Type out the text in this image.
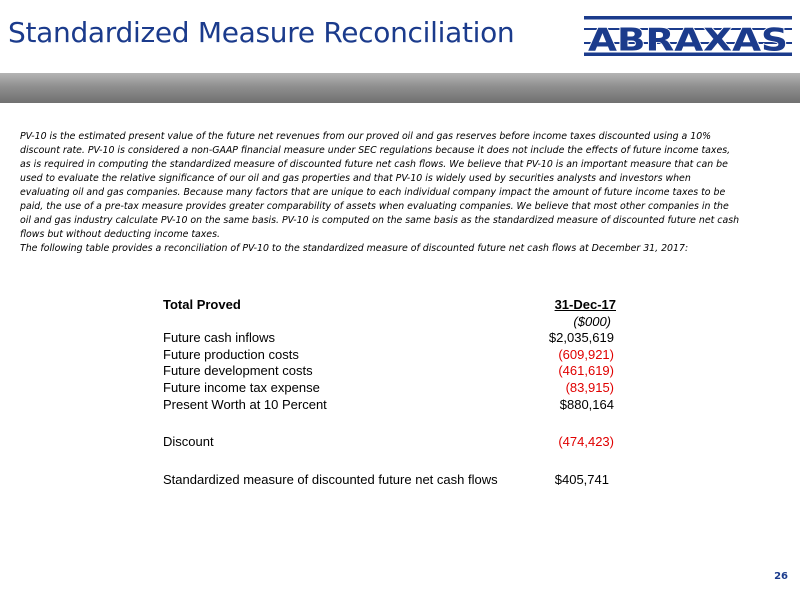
Standardized Measure Reconciliation ABRAXAS

PV-10 is the estimated present value of the future net revenues from our proved oil and gas reserves before income taxes discounted using a 10% discount rate. PV-10 is considered a non-GAAP financial measure under SEC regulations because it does not include the effects of future income taxes, as is required in computing the standardized measure of discounted future net cash flows. We believe that PV-10 is an important measure that can be used to evaluate the relative significance of our oil and gas properties and that PV-10 is widely used by securities analysts and investors when evaluating oil and gas companies. Because many factors that are unique to each individual company impact the amount of future income taxes to be paid, the use of a pre-tax measure provides greater comparability of assets when evaluating companies. We believe that most other companies in the oil and gas industry calculate PV-10 on the same basis. PV-10 is computed on the same basis as the standardized measure of discounted future net cash flows but without deducting income taxes.

The following table provides a reconciliation of PV-10 to the standardized measure of discounted future net cash flows at December 31, 2017:

Total Proved	31-Dec-17
($000)
Future cash inflows	$2,035,619
Future production costs	(609,921)
Future development costs	(461,619)
Future income tax expense	(83,915)
Present Worth at 10 Percent	$880,164
Discount	(474,423)
Standardized measure of discounted future net cash flows	$405,741
26
